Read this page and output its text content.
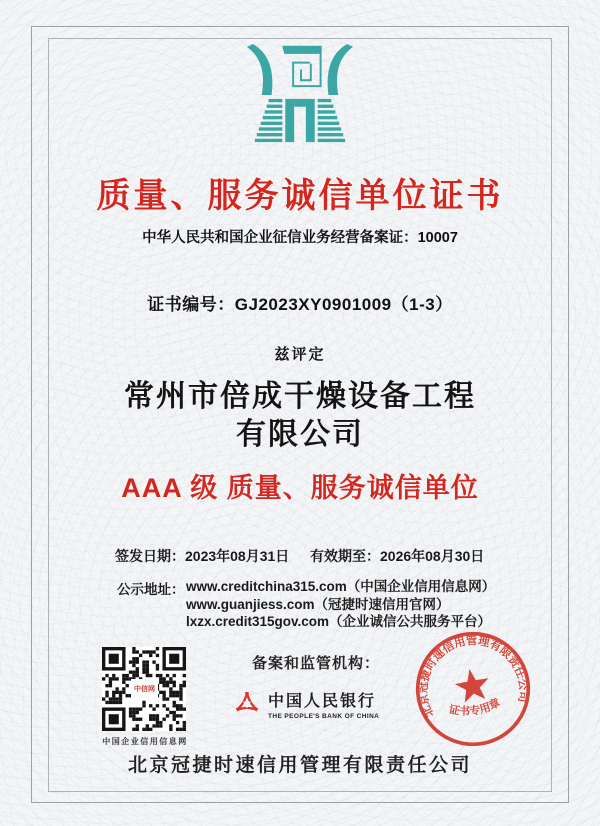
质量、服务诚信单位证书
中华人民共和国企业征信业务经营备案证：10007
证书编号：GJ2023XY0901009（1-3）
兹评定
常州市倍成干燥设备工程
有限公司
AAA 级 质量、服务诚信单位
签发日期：2023年08月31日 有效期至：2026年08月30日
公示地址： www.creditchina315.com（中国企业信用信息网）
www.guanjiess.com（冠捷时速信用官网）
lxzx.credit315gov.com（企业诚信公共服务平台）
中信网
中国企业信用信息网
备案和监管机构：
中国人民银行
THE PEOPLE'S BANK OF CHINA	北京冠捷时速信用管理有限责任公司
证书专用章
北京冠捷时速信用管理有限责任公司
